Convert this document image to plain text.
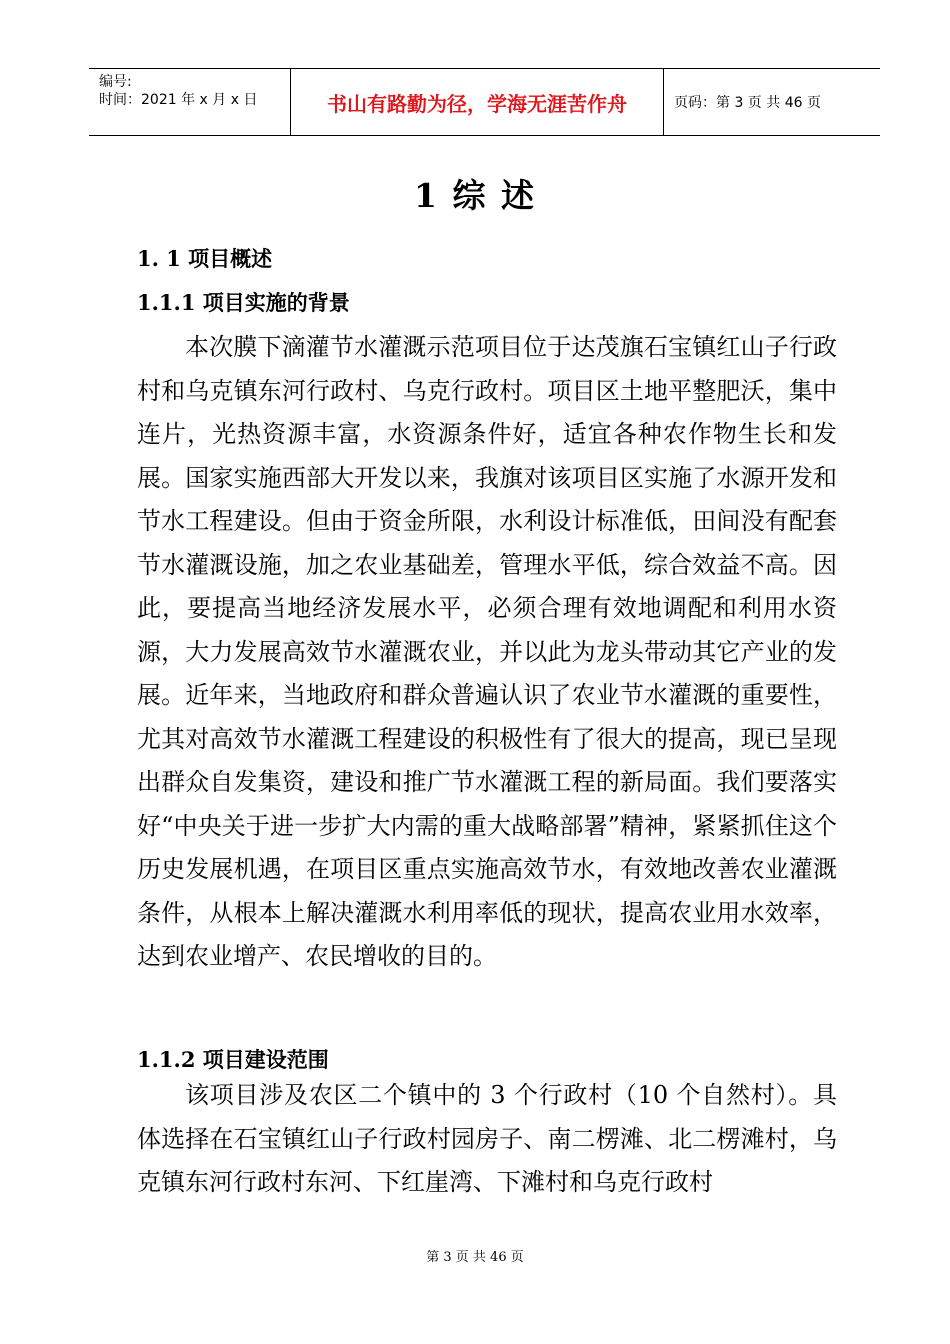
编号:
时间：2021 年 x 月 x 日	书山有路勤为径，学海无涯苦作舟	页码：第 3 页 共 46 页
1 综 述
1. 1 项目概述
1.1.1 项目实施的背景

本次膜下滴灌节水灌溉示范项目位于达茂旗石宝镇红山子行政村和乌克镇东河行政村、乌克行政村。项目区土地平整肥沃，集中连片，光热资源丰富，水资源条件好，适宜各种农作物生长和发展。国家实施西部大开发以来，我旗对该项目区实施了水源开发和节水工程建设。但由于资金所限，水利设计标准低，田间没有配套节水灌溉设施，加之农业基础差，管理水平低，综合效益不高。因此，要提高当地经济发展水平，必须合理有效地调配和利用水资源，大力发展高效节水灌溉农业，并以此为龙头带动其它产业的发展。近年来，当地政府和群众普遍认识了农业节水灌溉的重要性，尤其对高效节水灌溉工程建设的积极性有了很大的提高，现已呈现出群众自发集资，建设和推广节水灌溉工程的新局面。我们要落实好“中央关于进一步扩大内需的重大战略部署”精神，紧紧抓住这个历史发展机遇，在项目区重点实施高效节水，有效地改善农业灌溉条件，从根本上解决灌溉水利用率低的现状，提高农业用水效率，达到农业增产、农民增收的目的。

1.1.2 项目建设范围

该项目涉及农区二个镇中的 3 个行政村（10 个自然村）。具体选择在石宝镇红山子行政村园房子、南二楞滩、北二楞滩村，乌克镇东河行政村东河、下红崖湾、下滩村和乌克行政村

第 3 页 共 46 页
